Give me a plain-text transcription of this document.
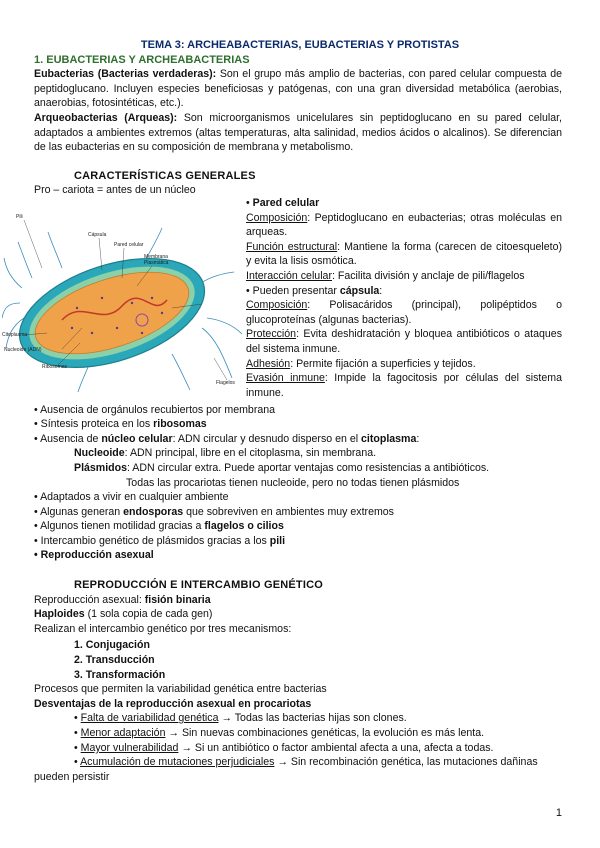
TEMA 3: ARCHEABACTERIAS, EUBACTERIAS Y PROTISTAS
1. EUBACTERIAS Y ARCHEABACTERIAS
Eubacterias (Bacterias verdaderas): Son el grupo más amplio de bacterias, con pared celular compuesta de peptidoglucano. Incluyen especies beneficiosas y patógenas, con una gran diversidad metabólica (aerobias, anaerobias, fotosintéticas, etc.).
Arqueobacterias (Arqueas): Son microorganismos unicelulares sin peptidoglucano en su pared celular, adaptados a ambientes extremos (altas temperaturas, alta salinidad, medios ácidos o alcalinos). Se diferencian de las eubacterias en su composición de membrana y metabolismo.
CARACTERÍSTICAS GENERALES
Pro – cariota = antes de un núcleo
Pili
Cápsula
Pared celular
Membrana
Plasmática
Citoplasma
Nucleoide (ADN)
Ribosomas
Flagelos
• Pared celular
Composición: Peptidoglucano en eubacterias; otras moléculas en arqueas.
Función estructural: Mantiene la forma (carecen de citoesqueleto) y evita la lisis osmótica.
Interacción celular: Facilita división y anclaje de pili/flagelos
• Pueden presentar cápsula:
Composición: Polisacáridos (principal), polipéptidos o glucoproteínas (algunas bacterias).
Protección: Evita deshidratación y bloquea antibióticos o ataques del sistema inmune.
Adhesión: Permite fijación a superficies y tejidos.
Evasión inmune: Impide la fagocitosis por células del sistema inmune.
• Ausencia de orgánulos recubiertos por membrana
• Síntesis proteica en los ribosomas
• Ausencia de núcleo celular: ADN circular y desnudo disperso en el citoplasma:
Nucleoide: ADN principal, libre en el citoplasma, sin membrana.
Plásmidos: ADN circular extra. Puede aportar ventajas como resistencias a antibióticos.
Todas las procariotas tienen nucleoide, pero no todas tienen plásmidos
• Adaptados a vivir en cualquier ambiente
• Algunas generan endosporas que sobreviven en ambientes muy extremos
• Algunos tienen motilidad gracias a flagelos o cilios
• Intercambio genético de plásmidos gracias a los pili
• Reproducción asexual
REPRODUCCIÓN E INTERCAMBIO GENÉTICO
Reproducción asexual: fisión binaria
Haploides (1 sola copia de cada gen)
Realizan el intercambio genético por tres mecanismos:
1. Conjugación
2. Transducción
3. Transformación
Procesos que permiten la variabilidad genética entre bacterias
Desventajas de la reproducción asexual en procariotas
• Falta de variabilidad genética → Todas las bacterias hijas son clones.
• Menor adaptación → Sin nuevas combinaciones genéticas, la evolución es más lenta.
• Mayor vulnerabilidad → Si un antibiótico o factor ambiental afecta a una, afecta a todas.
• Acumulación de mutaciones perjudiciales → Sin recombinación genética, las mutaciones dañinas
pueden persistir
1
